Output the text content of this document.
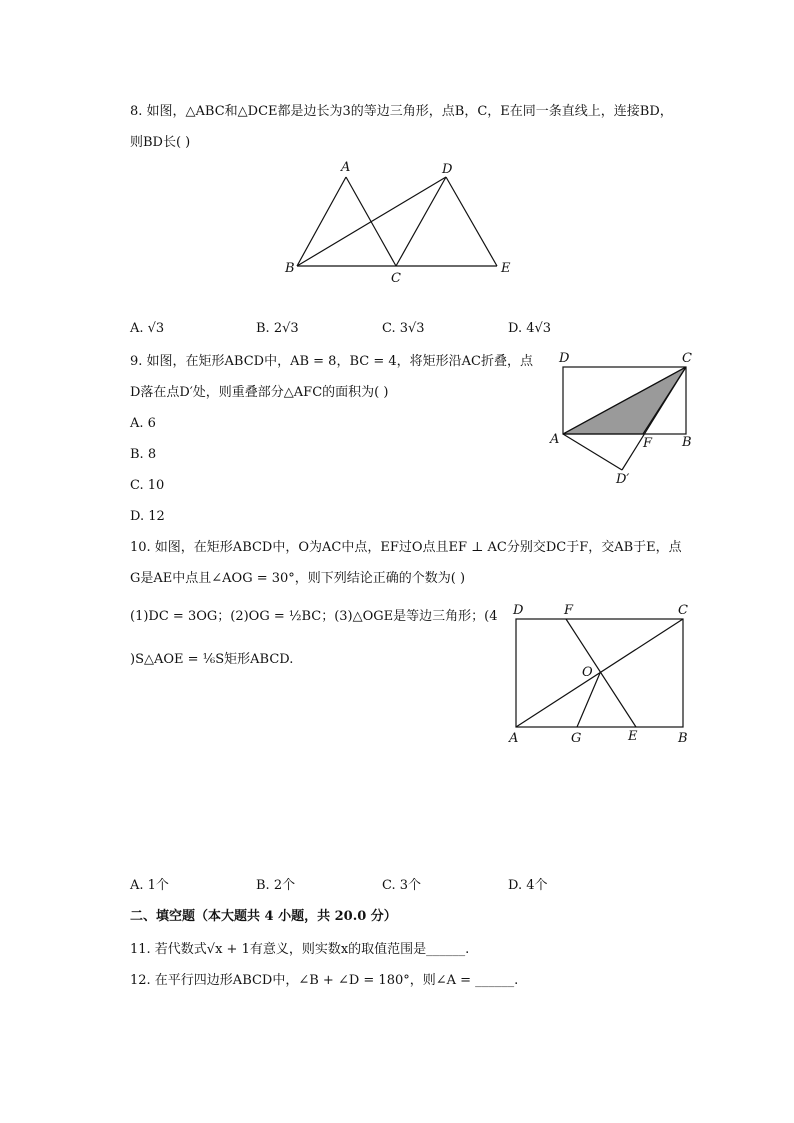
8. 如图，△ABC和△DCE都是边长为3的等边三角形，点B，C，E在同一条直线上，连接BD，
则BD长( )
A	D
B
C
E
A. √3	B. 2√3	C. 3√3	D. 4√3
9. 如图，在矩形ABCD中，AB = 8，BC = 4，将矩形沿AC折叠，点
D落在点D′处，则重叠部分△AFC的面积为( )
D	C
A	F B
D′
A. 6
B. 8
C. 10
D. 12
10. 如图，在矩形ABCD中，O为AC中点，EF过O点且EF ⊥ AC分别交DC于F，交AB于E，点
G是AE中点且∠AOG = 30°，则下列结论正确的个数为( )
(1)DC = 3OG；(2)OG = ½BC；(3)△OGE是等边三角形；(4
)S△AOE = ⅙S矩形ABCD.
D	F	C
O
A	G	E	B
A. 1个	B. 2个	C. 3个	D. 4个
二、填空题（本大题共 4 小题，共 20.0 分）
11. 若代数式√x + 1有意义，则实数x的取值范围是______.
12. 在平行四边形ABCD中，∠B + ∠D = 180°，则∠A = ______.
